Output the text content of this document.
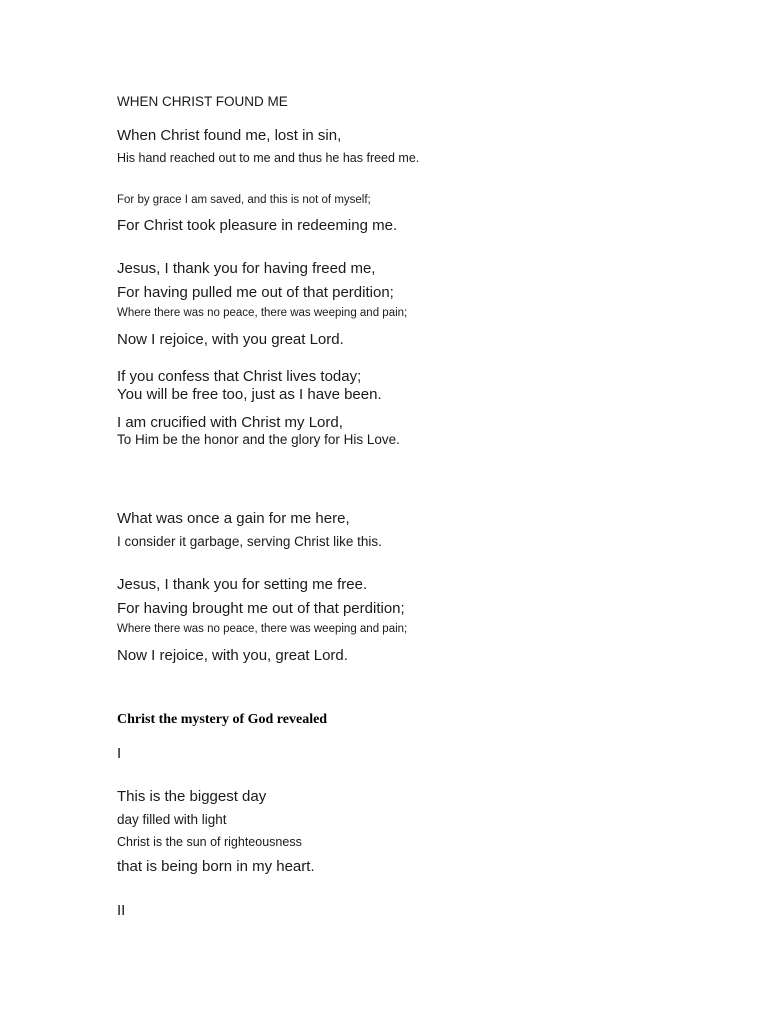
WHEN CHRIST FOUND ME
When Christ found me, lost in sin,
His hand reached out to me and thus he has freed me.
For by grace I am saved, and this is not of myself;
For Christ took pleasure in redeeming me.
Jesus, I thank you for having freed me,
For having pulled me out of that perdition;
Where there was no peace, there was weeping and pain;
Now I rejoice, with you great Lord.
If you confess that Christ lives today;
You will be free too, just as I have been.
I am crucified with Christ my Lord,
To Him be the honor and the glory for His Love.
What was once a gain for me here,
I consider it garbage, serving Christ like this.
Jesus, I thank you for setting me free.
For having brought me out of that perdition;
Where there was no peace, there was weeping and pain;
Now I rejoice, with you, great Lord.
Christ the mystery of God revealed
I
This is the biggest day
day filled with light
Christ is the sun of righteousness
that is being born in my heart.
II
